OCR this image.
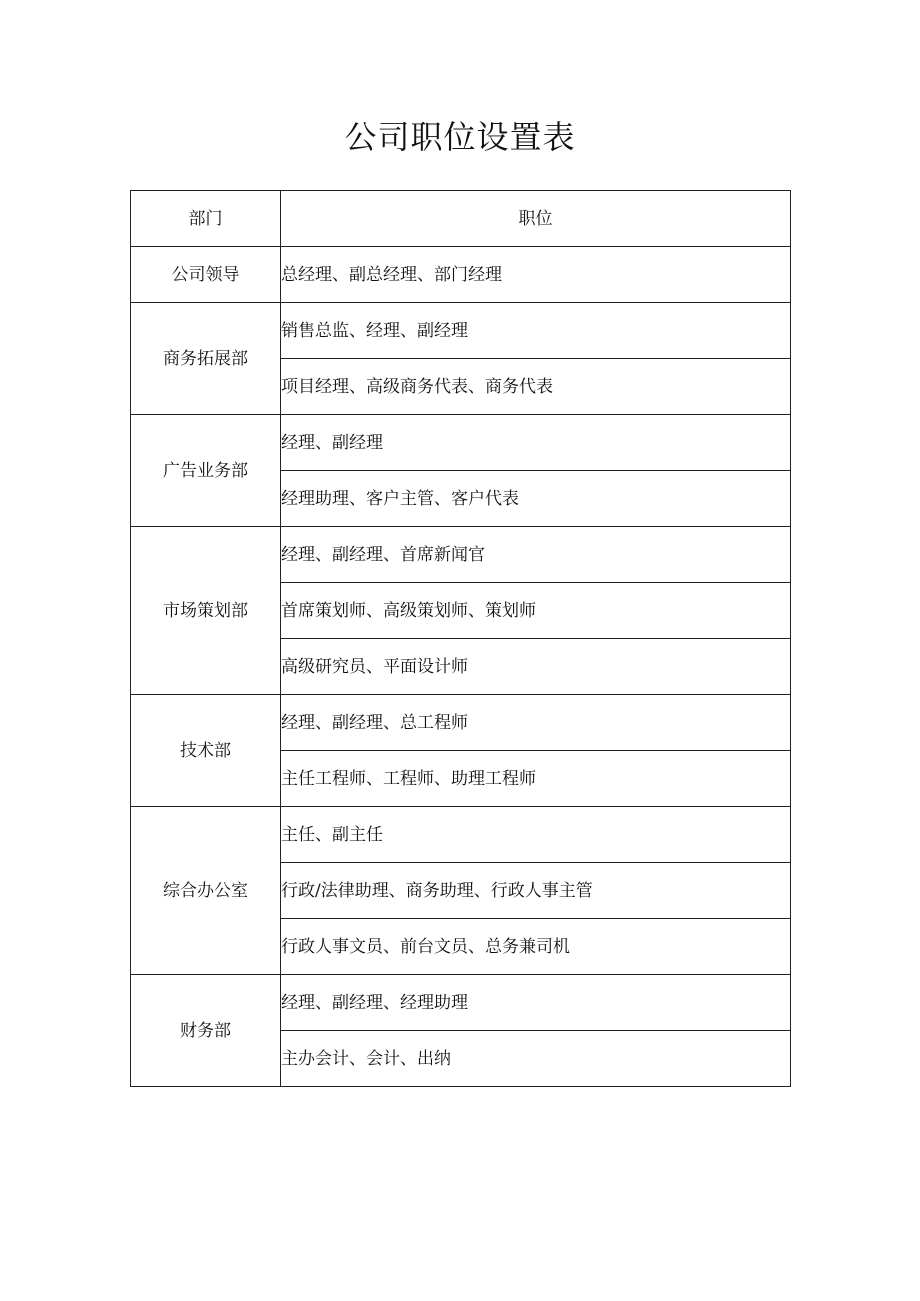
公司职位设置表
部门	职位
公司领导	总经理、副总经理、部门经理
商务拓展部	销售总监、经理、副经理
	项目经理、高级商务代表、商务代表
广告业务部	经理、副经理
	经理助理、客户主管、客户代表
市场策划部	经理、副经理、首席新闻官
	首席策划师、高级策划师、策划师
	高级研究员、平面设计师
技术部	经理、副经理、总工程师
	主任工程师、工程师、助理工程师
综合办公室	主任、副主任
	行政/法律助理、商务助理、行政人事主管
	行政人事文员、前台文员、总务兼司机
财务部	经理、副经理、经理助理
	主办会计、会计、出纳
